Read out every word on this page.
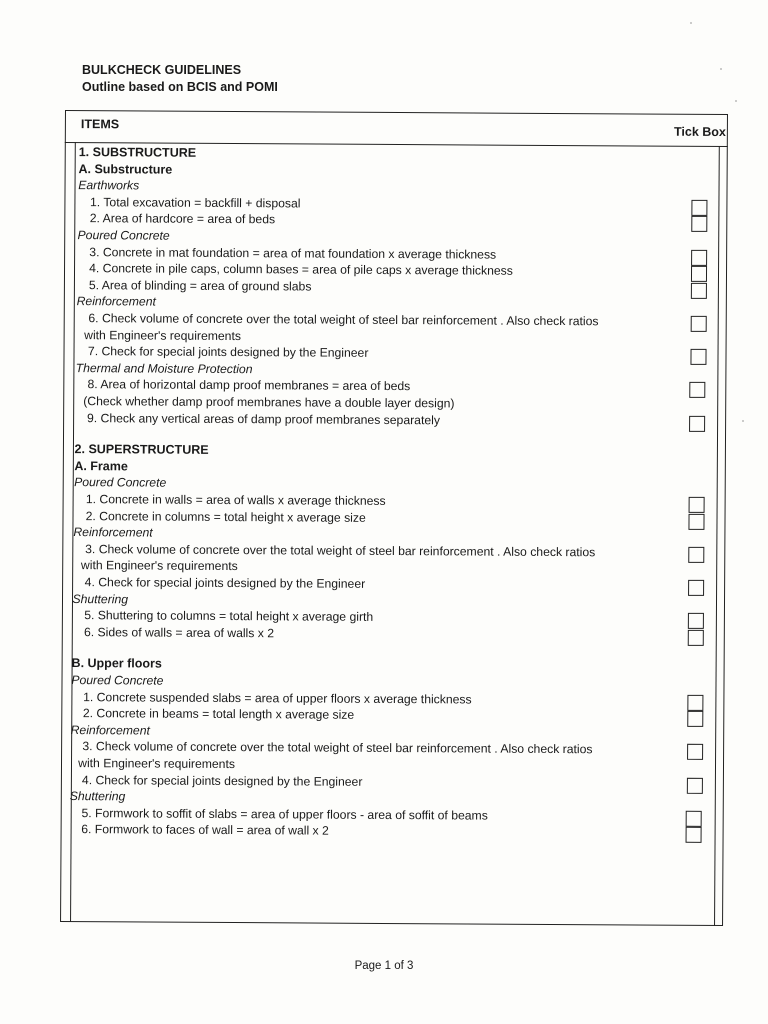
BULKCHECK GUIDELINES
Outline based on BCIS and POMI
ITEMS
Tick Box
1. SUBSTRUCTURE
A. Substructure
Earthworks
1. Total excavation = backfill + disposal
2. Area of hardcore = area of beds
Poured Concrete
3. Concrete in mat foundation = area of mat foundation x average thickness
4. Concrete in pile caps, column bases = area of pile caps x average thickness
5. Area of blinding = area of ground slabs
Reinforcement
6. Check volume of concrete over the total weight of steel bar reinforcement . Also check ratios
with Engineer's requirements
7. Check for special joints designed by the Engineer
Thermal and Moisture Protection
8. Area of horizontal damp proof membranes = area of beds
(Check whether damp proof membranes have a double layer design)
9. Check any vertical areas of damp proof membranes separately
2. SUPERSTRUCTURE
A. Frame
Poured Concrete
1. Concrete in walls = area of walls x average thickness
2. Concrete in columns = total height x average size
Reinforcement
3. Check volume of concrete over the total weight of steel bar reinforcement . Also check ratios
with Engineer's requirements
4. Check for special joints designed by the Engineer
Shuttering
5. Shuttering to columns = total height x average girth
6. Sides of walls = area of walls x 2
B. Upper floors
Poured Concrete
1. Concrete suspended slabs = area of upper floors x average thickness
2. Concrete in beams = total length x average size
Reinforcement
3. Check volume of concrete over the total weight of steel bar reinforcement . Also check ratios
with Engineer's requirements
4. Check for special joints designed by the Engineer
Shuttering
5. Formwork to soffit of slabs = area of upper floors - area of soffit of beams
6. Formwork to faces of wall = area of wall x 2
Page 1 of 3
